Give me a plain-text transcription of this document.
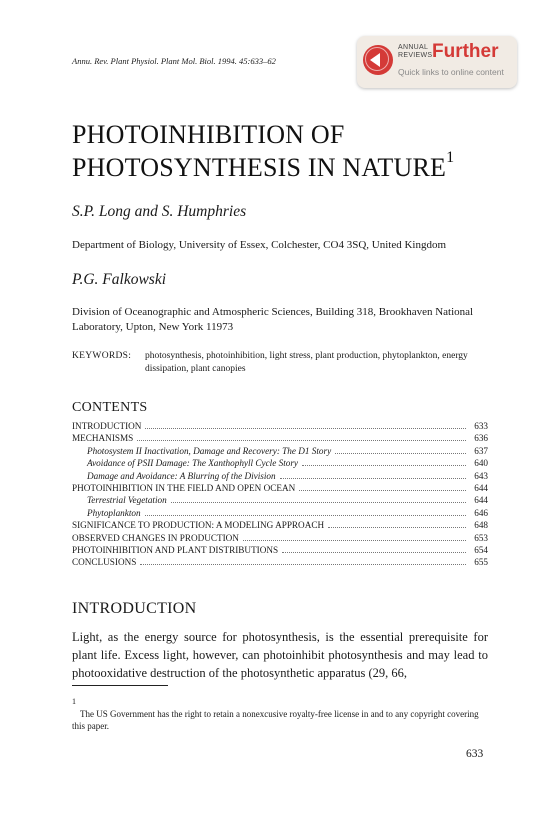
Annu. Rev. Plant Physiol. Plant Mol. Biol. 1994. 45:633–62
ANNUAL
REVIEWS Further
Quick links to online content
PHOTOINHIBITION OF
PHOTOSYNTHESIS IN NATURE$^1$
S.P. Long and S. Humphries
Department of Biology, University of Essex, Colchester, CO4 3SQ, United Kingdom
P.G. Falkowski
Division of Oceanographic and Atmospheric Sciences, Building 318, Brookhaven National Laboratory, Upton, New York 11973
KEYWORDS: photosynthesis, photoinhibition, light stress, plant production, phytoplankton, energy dissipation, plant canopies
CONTENTS
INTRODUCTION	633
MECHANISMS	636
Photosystem II Inactivation, Damage and Recovery: The D1 Story	637
Avoidance of PSII Damage: The Xanthophyll Cycle Story	640
Damage and Avoidance: A Blurring of the Division	643
PHOTOINHIBITION IN THE FIELD AND OPEN OCEAN	644
Terrestrial Vegetation	644
Phytoplankton	646
SIGNIFICANCE TO PRODUCTION: A MODELING APPROACH	648
OBSERVED CHANGES IN PRODUCTION	653
PHOTOINHIBITION AND PLANT DISTRIBUTIONS	654
CONCLUSIONS	655
INTRODUCTION
Light, as the energy source for photosynthesis, is the essential prerequisite for plant life. Excess light, however, can photoinhibit photosynthesis and may lead to photooxidative destruction of the photosynthetic apparatus (29, 66,
1
The US Government has the right to retain a nonexcusive royalty-free license in and to any copyright covering this paper.
633
